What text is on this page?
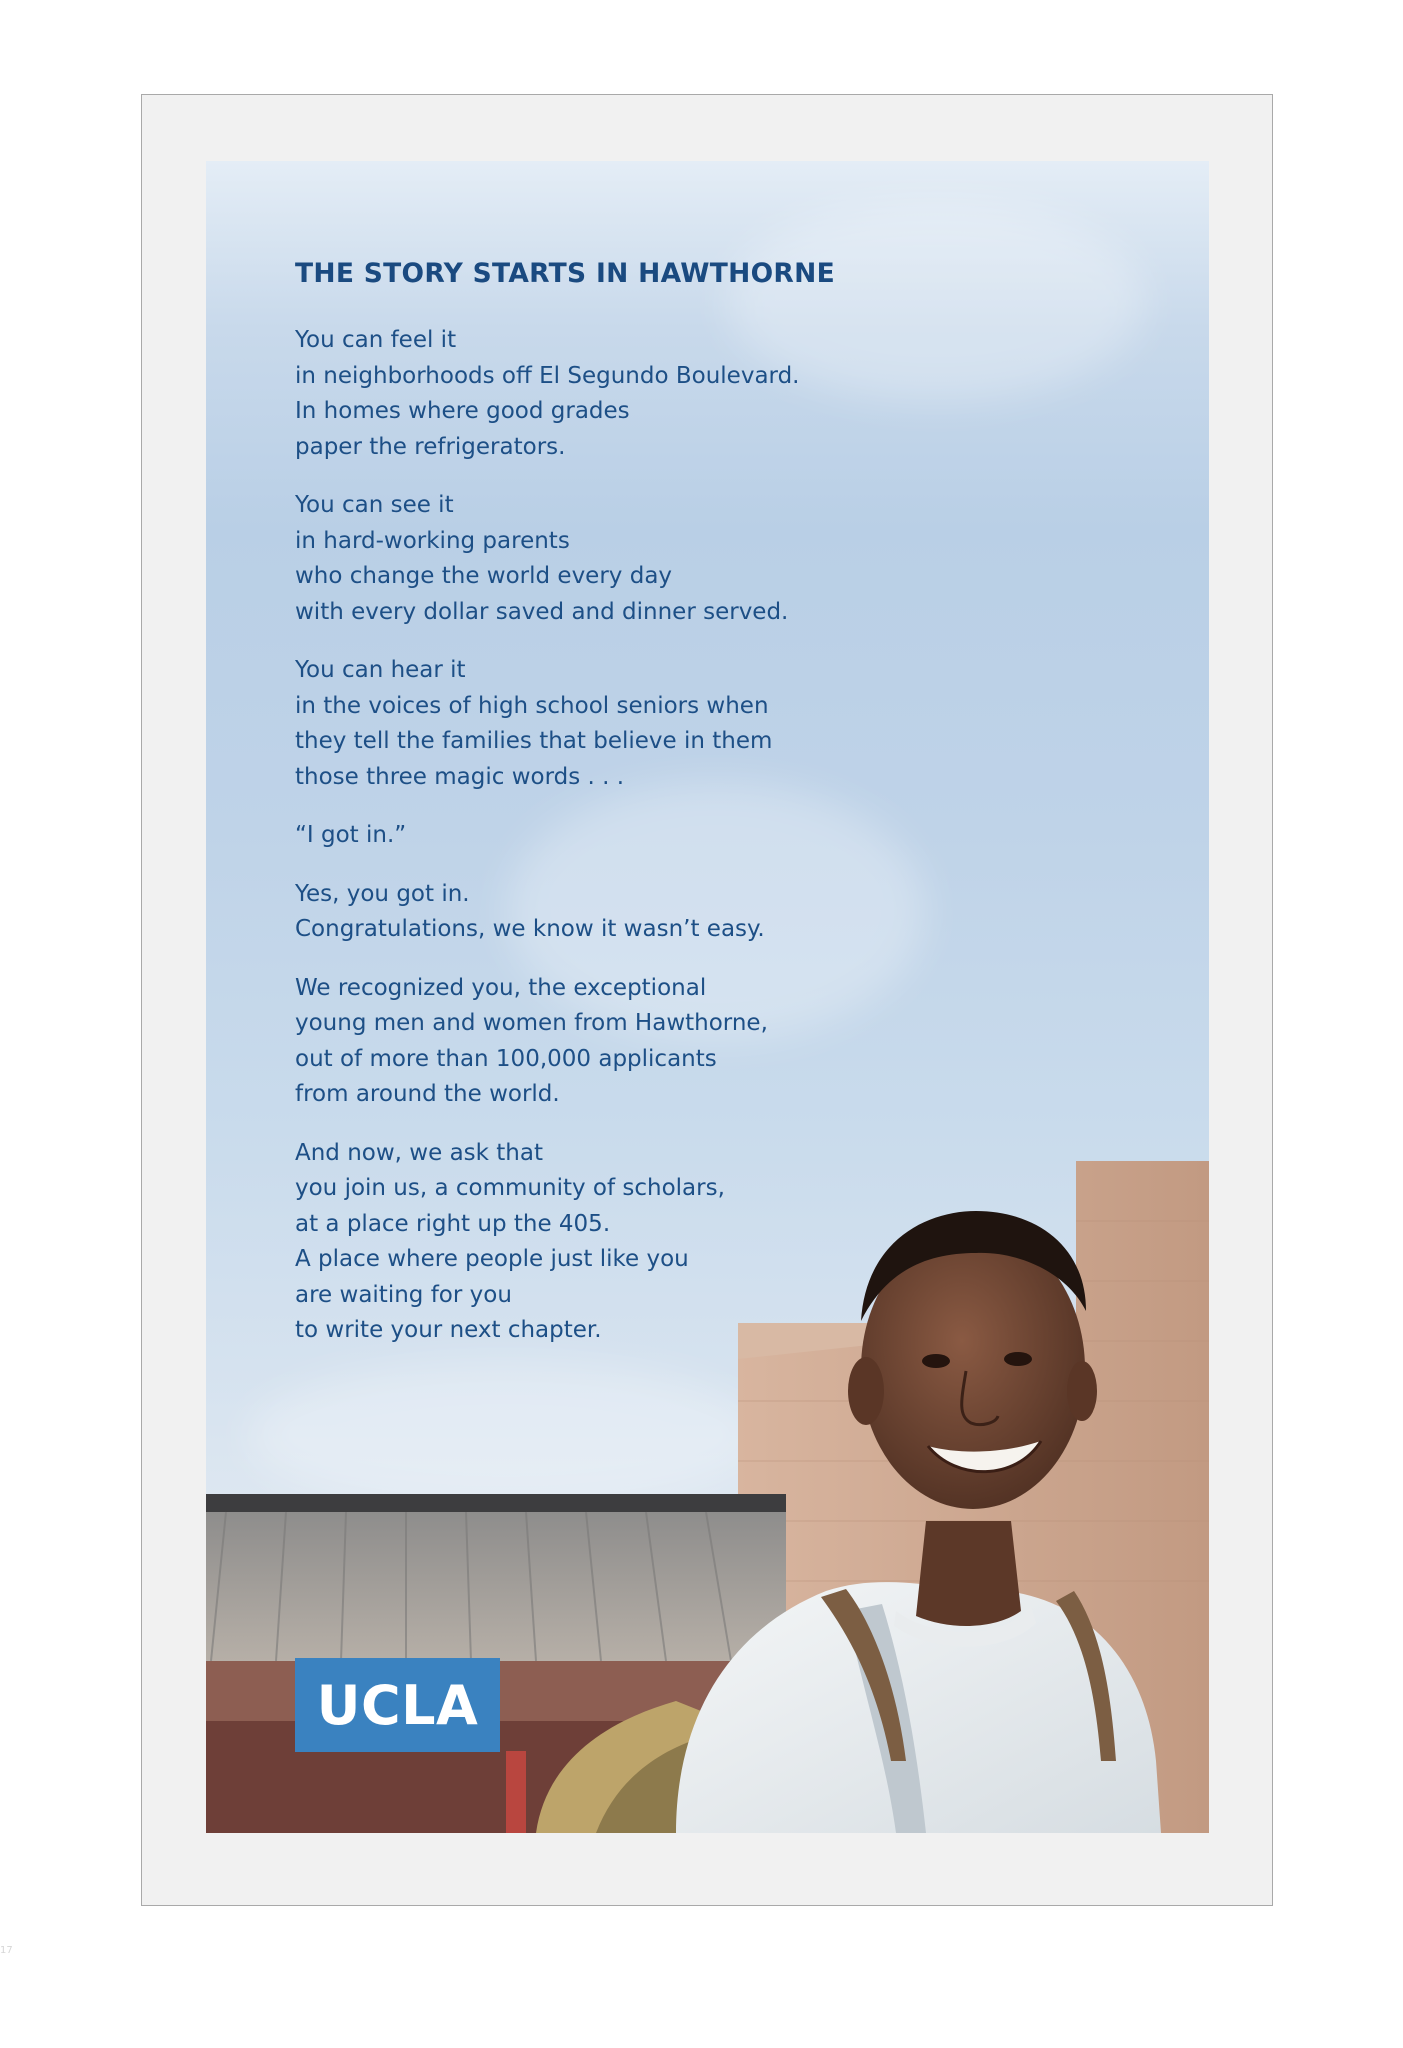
THE STORY STARTS IN HAWTHORNE
You can feel it
in neighborhoods off El Segundo Boulevard.
In homes where good grades
paper the refrigerators.
You can see it
in hard-working parents
who change the world every day
with every dollar saved and dinner served.
You can hear it
in the voices of high school seniors when
they tell the families that believe in them
those three magic words . . .
“I got in.”
Yes, you got in.
Congratulations, we know it wasn’t easy.
We recognized you, the exceptional
young men and women from Hawthorne,
out of more than 100,000 applicants
from around the world.
And now, we ask that
you join us, a community of scholars,
at a place right up the 405.
A place where people just like you
are waiting for you
to write your next chapter.
UCLA
17
